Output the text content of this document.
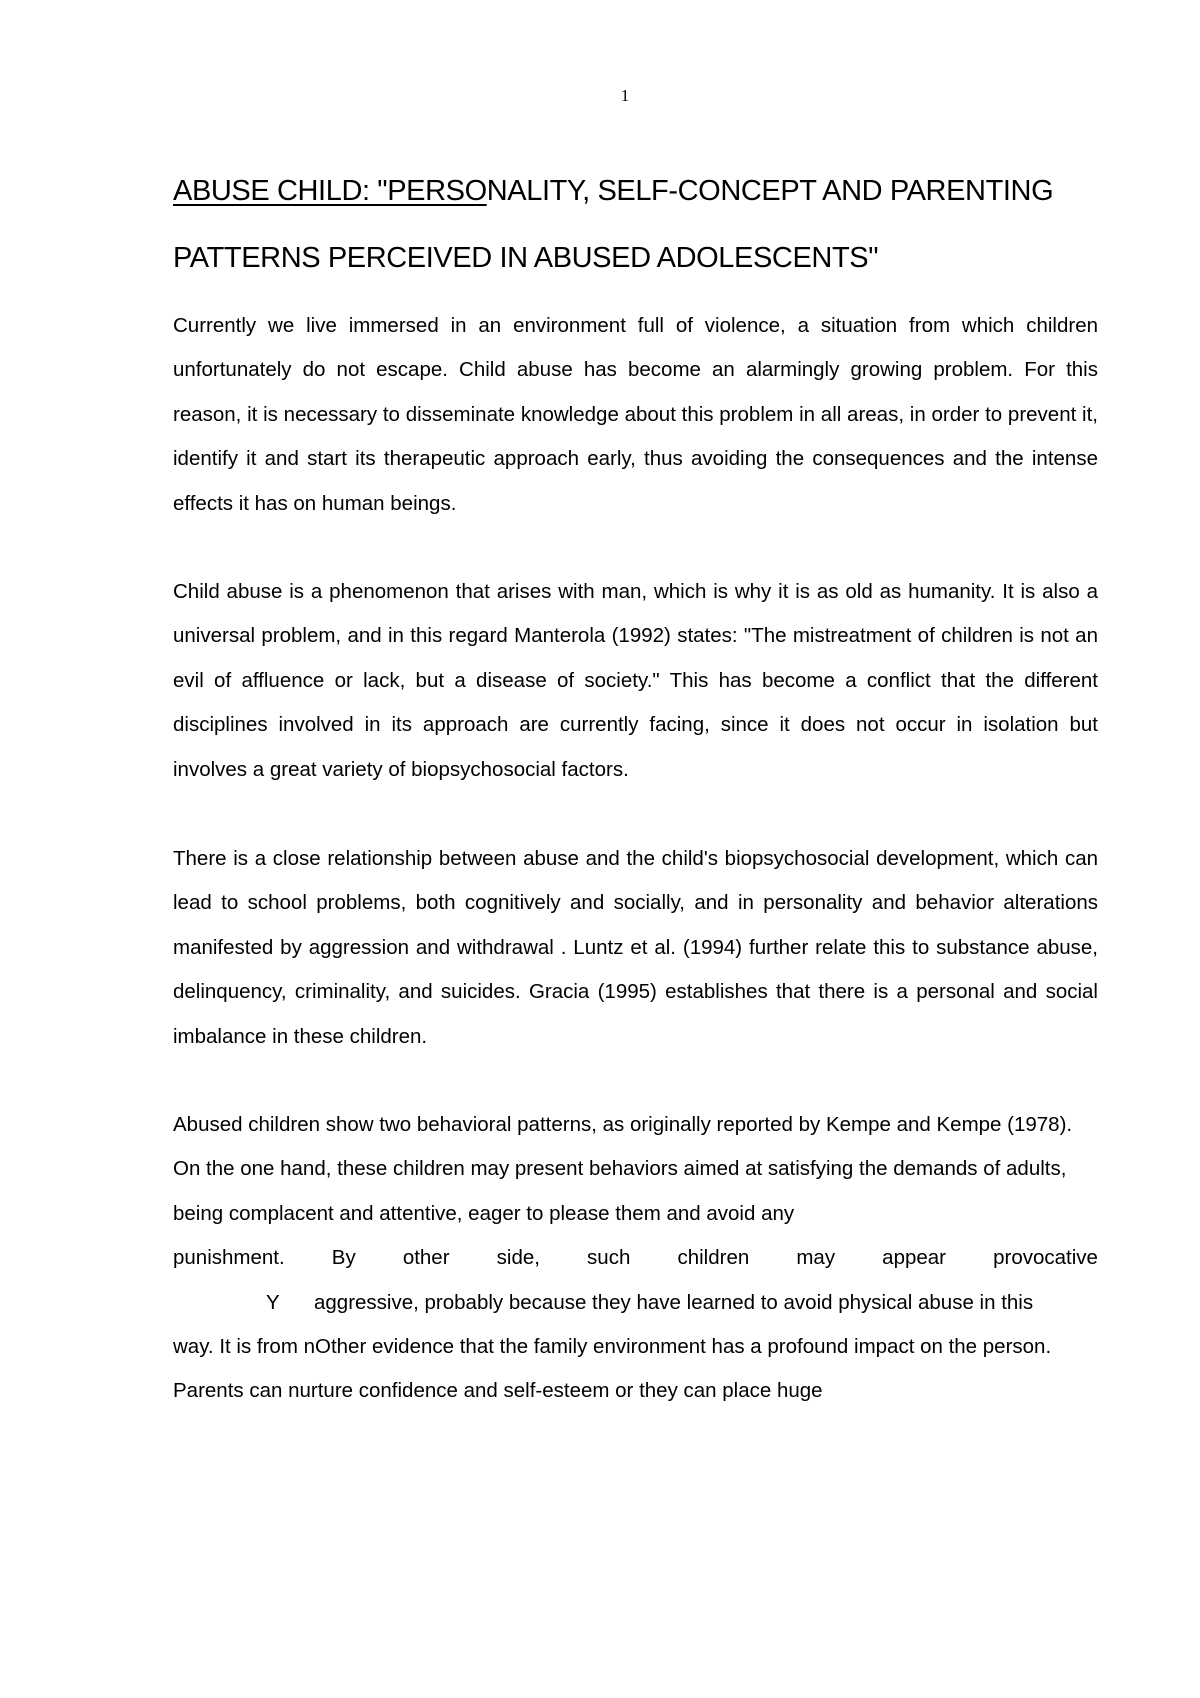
1
ABUSE CHILD: "PERSONALITY, SELF-CONCEPT AND PARENTING PATTERNS PERCEIVED IN ABUSED ADOLESCENTS"

Currently we live immersed in an environment full of violence, a situation from which children unfortunately do not escape. Child abuse has become an alarmingly growing problem. For this reason, it is necessary to disseminate knowledge about this problem in all areas, in order to prevent it, identify it and start its therapeutic approach early, thus avoiding the consequences and the intense effects it has on human beings.

Child abuse is a phenomenon that arises with man, which is why it is as old as humanity. It is also a universal problem, and in this regard Manterola (1992) states: "The mistreatment of children is not an evil of affluence or lack, but a disease of society." This has become a conflict that the different disciplines involved in its approach are currently facing, since it does not occur in isolation but involves a great variety of biopsychosocial factors.

There is a close relationship between abuse and the child's biopsychosocial development, which can lead to school problems, both cognitively and socially, and in personality and behavior alterations manifested by aggression and withdrawal . Luntz et al. (1994) further relate this to substance abuse, delinquency, criminality, and suicides. Gracia (1995) establishes that there is a personal and social imbalance in these children.

Abused children show two behavioral patterns, as originally reported by Kempe and Kempe (1978). On the one hand, these children may present behaviors aimed at satisfying the demands of adults, being complacent and attentive, eager to please them and avoid any
punishment. By other side, such children may appear provocative
Y aggressive, probably because they have learned to avoid physical abuse in this
way. It is from nOther evidence that the family environment has a profound impact on the person. Parents can nurture confidence and self-esteem or they can place huge
